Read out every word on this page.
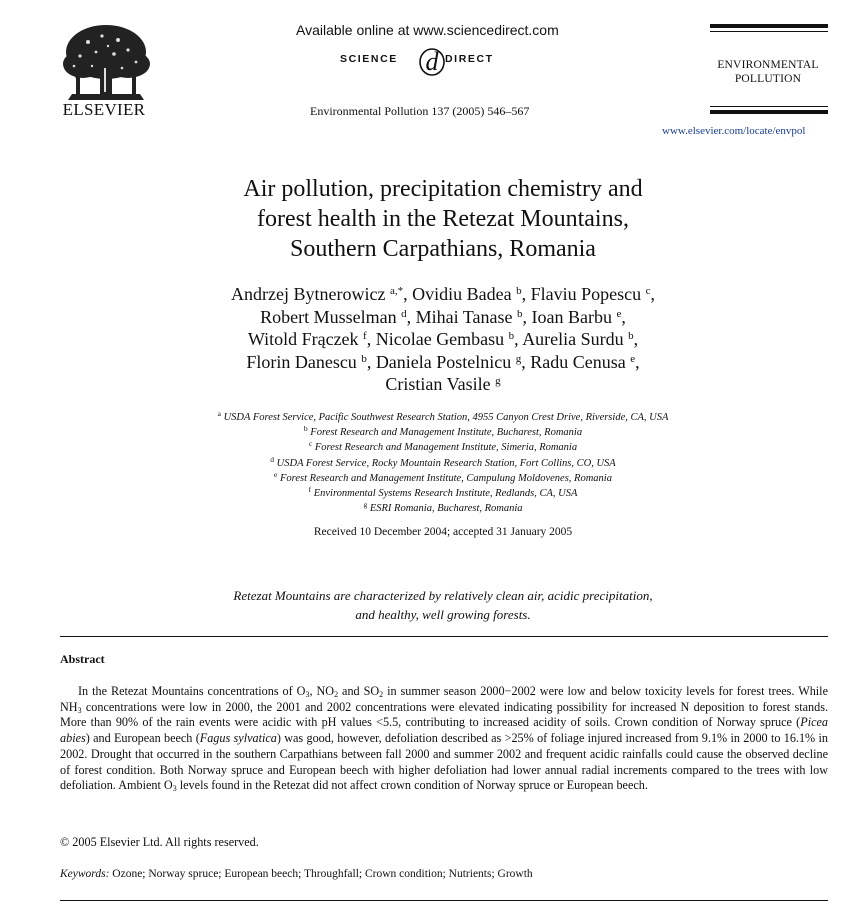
ELSEVIER
Available online at www.sciencedirect.com
SCIENCE d DIRECT
Environmental Pollution 137 (2005) 546–567
ENVIRONMENTAL
POLLUTION
www.elsevier.com/locate/envpol
Air pollution, precipitation chemistry and
forest health in the Retezat Mountains,
Southern Carpathians, Romania
Andrzej Bytnerowicz $^{a,*}$, Ovidiu Badea $^b$, Flaviu Popescu $^c$,
Robert Musselman $^d$, Mihai Tanase $^b$, Ioan Barbu $^e$,
Witold Frączek $^f$, Nicolae Gembasu $^b$, Aurelia Surdu $^b$,
Florin Danescu $^b$, Daniela Postelnicu $^g$, Radu Cenusa $^e$,
Cristian Vasile $^g$
$^a$ USDA Forest Service, Pacific Southwest Research Station, 4955 Canyon Crest Drive, Riverside, CA, USA
$^b$ Forest Research and Management Institute, Bucharest, Romania
$^c$ Forest Research and Management Institute, Simeria, Romania
$^d$ USDA Forest Service, Rocky Mountain Research Station, Fort Collins, CO, USA
$^e$ Forest Research and Management Institute, Campulung Moldovenes, Romania
$^f$ Environmental Systems Research Institute, Redlands, CA, USA
$^g$ ESRI Romania, Bucharest, Romania
Received 10 December 2004; accepted 31 January 2005
Retezat Mountains are characterized by relatively clean air, acidic precipitation,
and healthy, well growing forests.
Abstract

In the Retezat Mountains concentrations of $O_3$, $NO_2$ and $SO_2$ in summer season 2000−2002 were low and below toxicity levels for forest trees. While $NH_3$ concentrations were low in 2000, the 2001 and 2002 concentrations were elevated indicating possibility for increased N deposition to forest stands. More than 90% of the rain events were acidic with pH values <5.5, contributing to increased acidity of soils. Crown condition of Norway spruce (Picea abies) and European beech (Fagus sylvatica) was good, however, defoliation described as >25% of foliage injured increased from 9.1% in 2000 to 16.1% in 2002. Drought that occurred in the southern Carpathians between fall 2000 and summer 2002 and frequent acidic rainfalls could cause the observed decline of forest condition. Both Norway spruce and European beech with higher defoliation had lower annual radial increments compared to the trees with low defoliation. Ambient $O_3$ levels found in the Retezat did not affect crown condition of Norway spruce or European beech.

© 2005 Elsevier Ltd. All rights reserved.
Keywords: Ozone; Norway spruce; European beech; Throughfall; Crown condition; Nutrients; Growth
